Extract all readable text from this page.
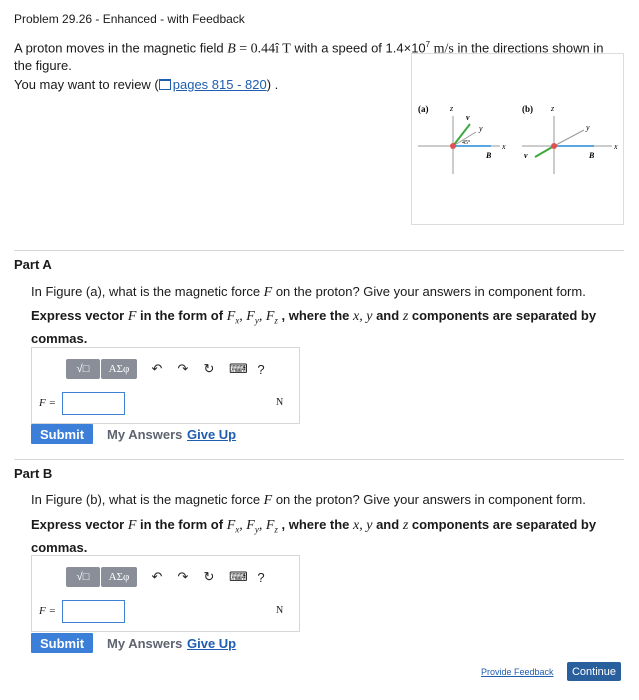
Problem 29.26 - Enhanced - with Feedback
A proton moves in the magnetic field B = 0.44î T with a speed of $1.4\times 10^7$ m/s in the directions shown in the figure.
You may want to review ( pages 815 - 820) .
(a)	z
x
y
v
B
45°
(b) z
x
y
v	B
Part A
In Figure (a), what is the magnetic force F on the proton? Give your answers in component form.
Express vector F in the form of $F_x$, $F_y$, $F_z$ , where the x, y and z components are separated by commas.
√□	ΑΣφ	↶ ↷ ↻ ⌨ ?
F =	N
Submit	My Answers Give Up
Part B
In Figure (b), what is the magnetic force F on the proton? Give your answers in component form.
Express vector F in the form of $F_x$, $F_y$, $F_z$ , where the x, y and z components are separated by commas.
√□	ΑΣφ	↶ ↷ ↻ ⌨ ?
F =	N
Submit	My Answers Give Up
Provide Feedback	Continue
